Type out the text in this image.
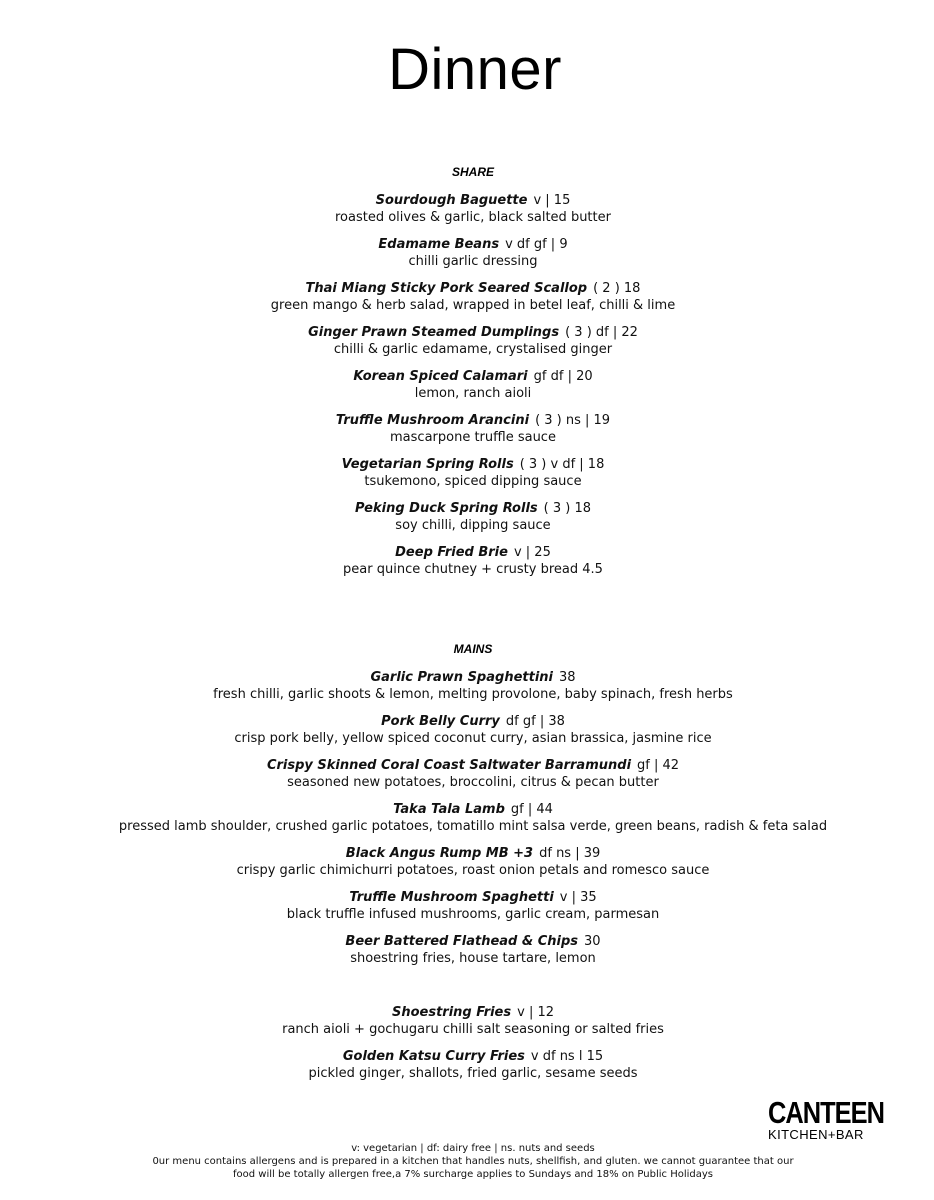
Dinner
SHARE
Sourdough Baguette v | 15
roasted olives & garlic, black salted butter
Edamame Beans v df gf | 9
chilli garlic dressing
Thai Miang Sticky Pork Seared Scallop ( 2 ) 18
green mango & herb salad, wrapped in betel leaf, chilli & lime
Ginger Prawn Steamed Dumplings ( 3 ) df | 22
chilli & garlic edamame, crystalised ginger
Korean Spiced Calamari gf df | 20
lemon, ranch aioli
Truffle Mushroom Arancini ( 3 ) ns | 19
mascarpone truffle sauce
Vegetarian Spring Rolls ( 3 ) v df | 18
tsukemono, spiced dipping sauce
Peking Duck Spring Rolls ( 3 ) 18
soy chilli, dipping sauce
Deep Fried Brie v | 25
pear quince chutney + crusty bread 4.5
MAINS
Garlic Prawn Spaghettini 38
fresh chilli, garlic shoots & lemon, melting provolone, baby spinach, fresh herbs
Pork Belly Curry df gf | 38
crisp pork belly, yellow spiced coconut curry, asian brassica, jasmine rice
Crispy Skinned Coral Coast Saltwater Barramundi gf | 42
seasoned new potatoes, broccolini, citrus & pecan butter
Taka Tala Lamb gf | 44
pressed lamb shoulder, crushed garlic potatoes, tomatillo mint salsa verde, green beans, radish & feta salad
Black Angus Rump MB +3 df ns | 39
crispy garlic chimichurri potatoes, roast onion petals and romesco sauce
Truffle Mushroom Spaghetti v | 35
black truffle infused mushrooms, garlic cream, parmesan
Beer Battered Flathead & Chips 30
shoestring fries, house tartare, lemon
Shoestring Fries v | 12
ranch aioli + gochugaru chilli salt seasoning or salted fries
Golden Katsu Curry Fries v df ns l 15
pickled ginger, shallots, fried garlic, sesame seeds
CANTEEN
KITCHEN+BAR
v: vegetarian | df: dairy free | ns. nuts and seeds
0ur menu contains allergens and is prepared in a kitchen that handles nuts, shellfish, and gluten. we cannot guarantee that our
food will be totally allergen free,a 7% surcharge applies to Sundays and 18% on Public Holidays
